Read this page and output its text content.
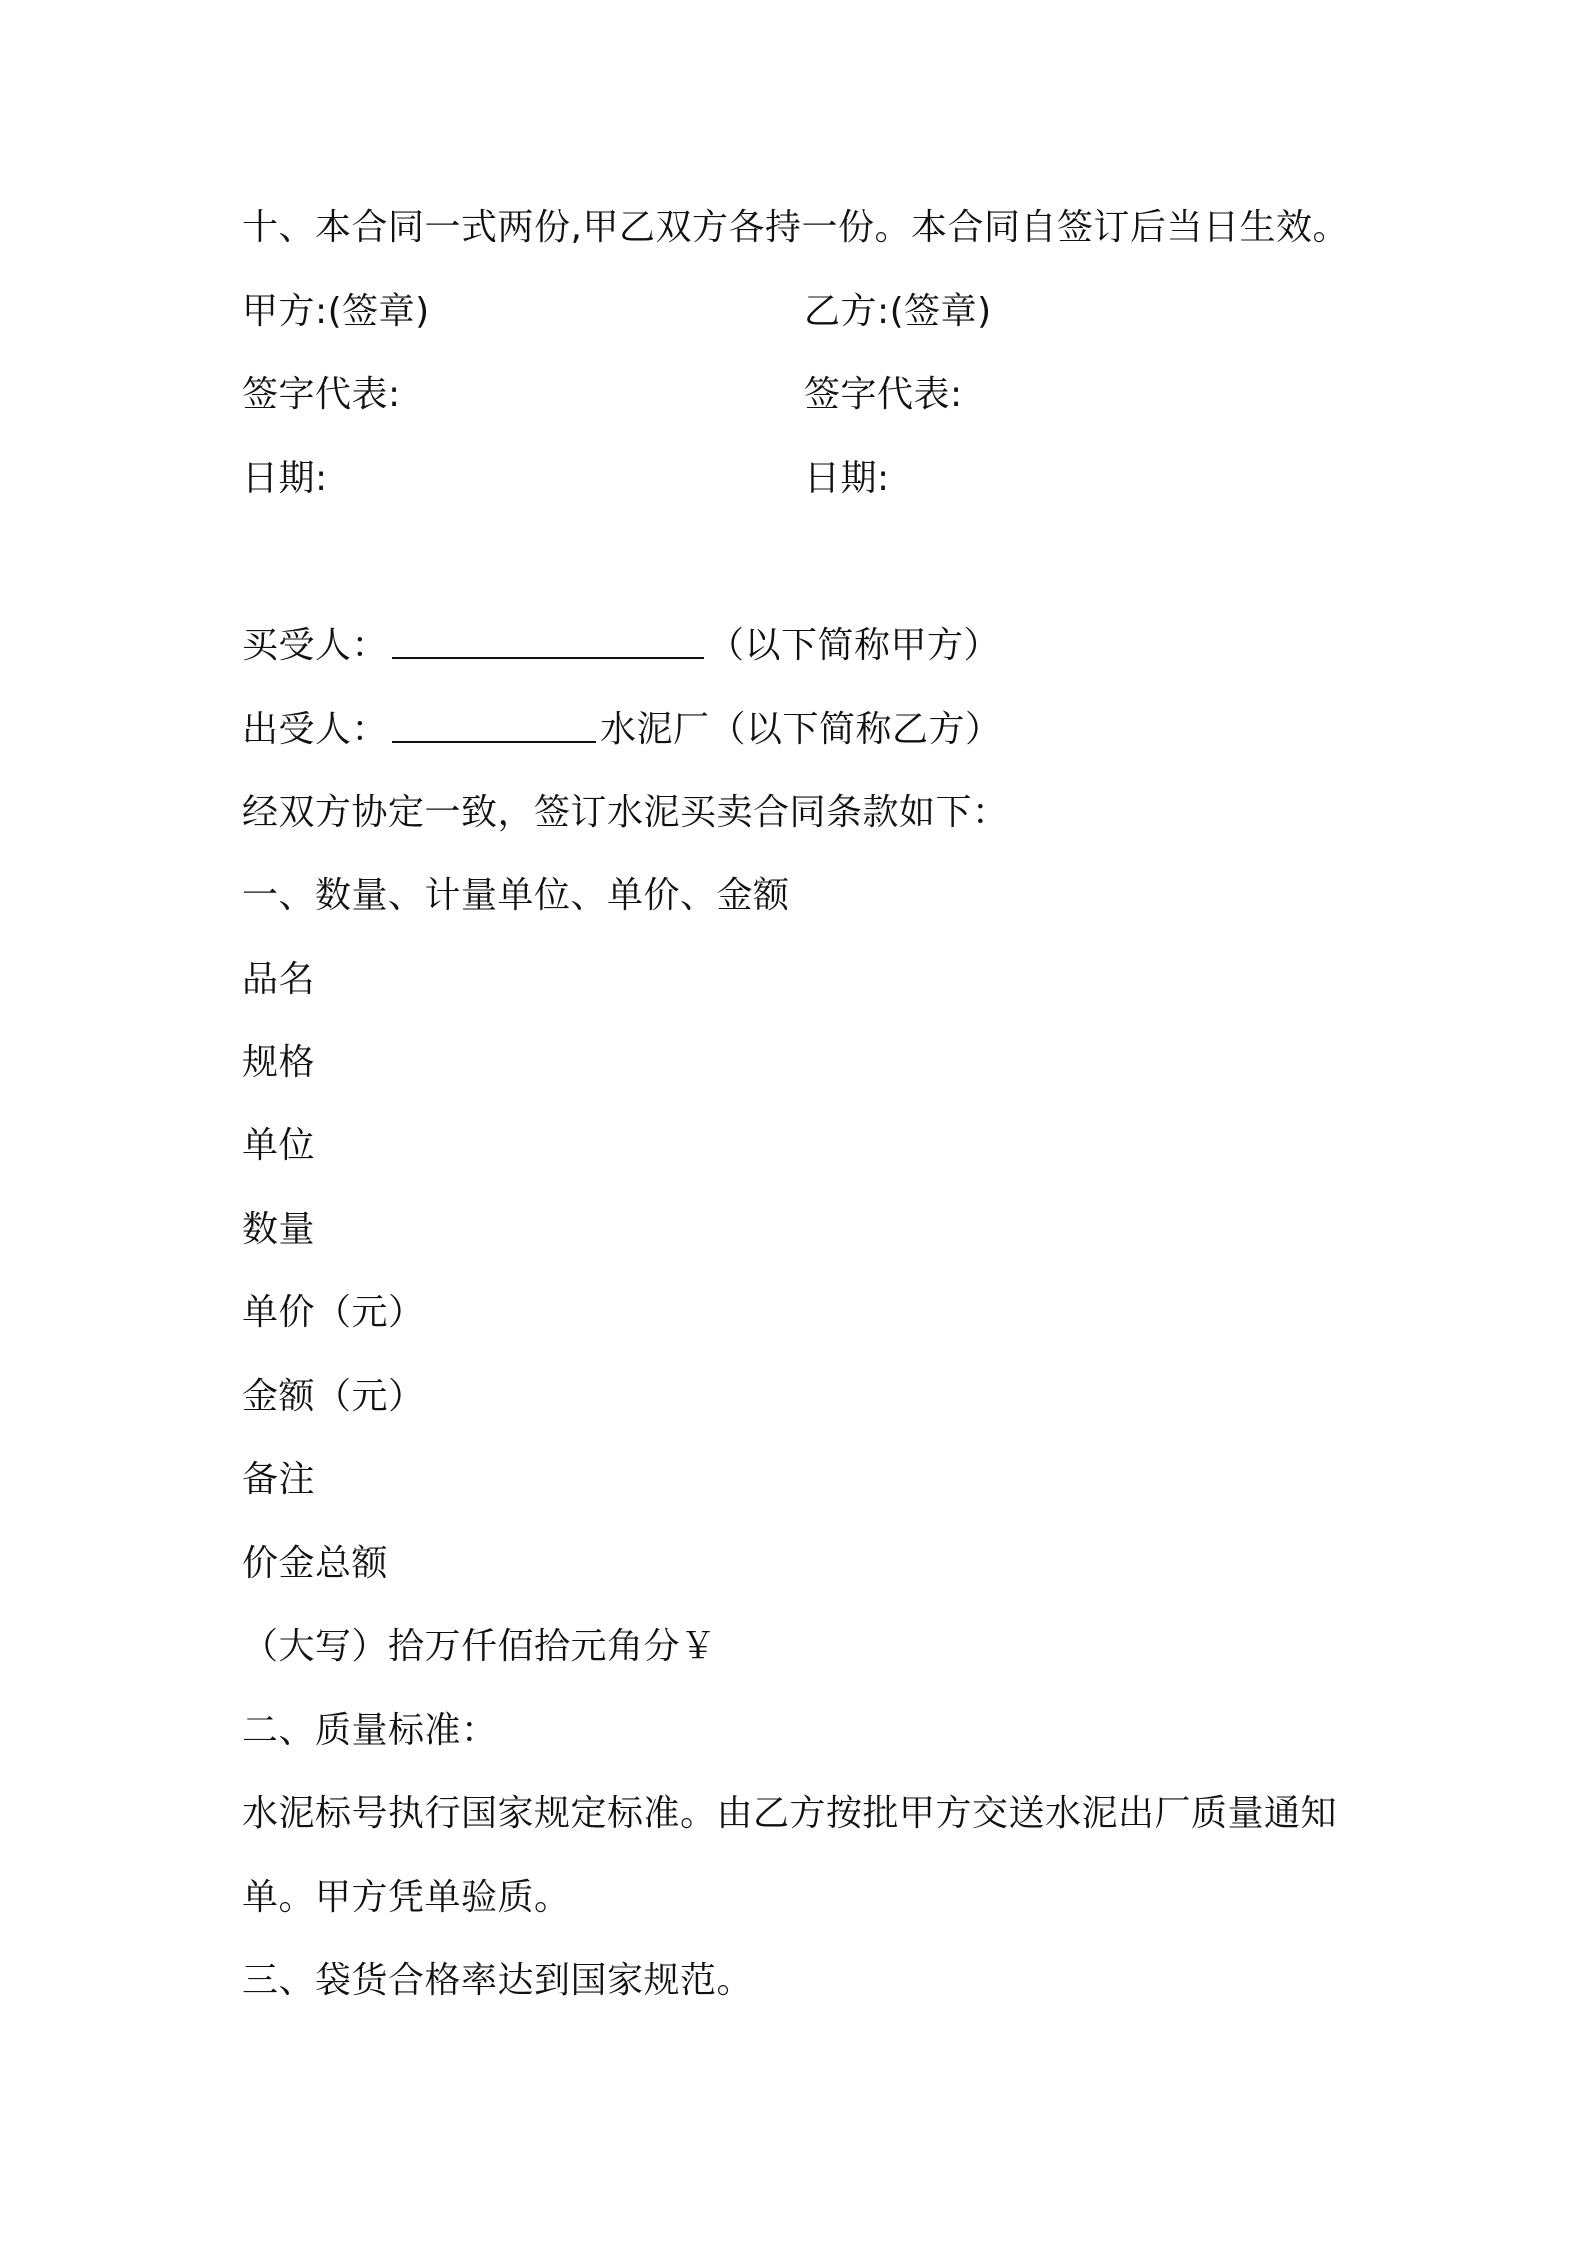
十、本合同一式两份,甲乙双方各持一份。本合同自签订后当日生效。
甲方:(签章)	乙方:(签章)
签字代表:	签字代表:
日期:	日期:
买受人：	（以下简称甲方）
出受人：	水泥厂（以下简称乙方）
经双方协定一致，签订水泥买卖合同条款如下：
一、数量、计量单位、单价、金额
品名
规格
单位
数量
单价（元）
金额（元）
备注
价金总额
（大写）拾万仟佰拾元角分￥
二、质量标准：
水泥标号执行国家规定标准。由乙方按批甲方交送水泥出厂质量通知
单。甲方凭单验质。
三、袋货合格率达到国家规范。
